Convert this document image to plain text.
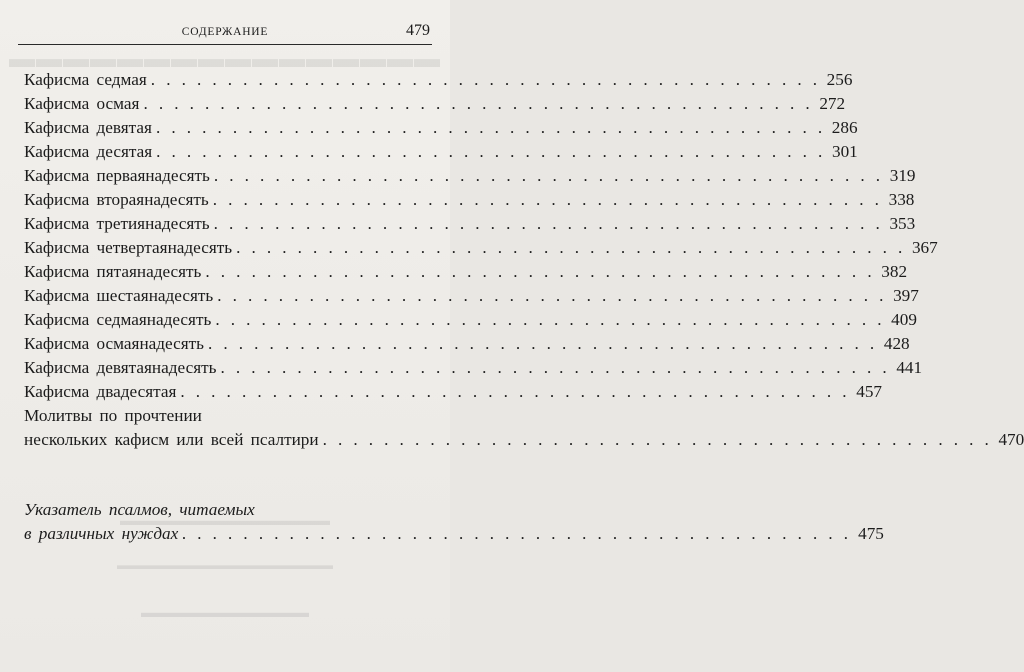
▬▬▬▬▬▬▬▬▬▬▬▬▬▬▬▬
▬▬▬▬▬▬▬▬▬▬▬▬▬▬▬
▬▬▬▬▬▬▬▬▬▬▬▬▬▬▬▬▬▬
▬▬▬▬▬▬▬▬▬▬▬▬
СОДЕРЖАНИЕ	479
Кафисма седмая . . . . . . . . . . . . . . . . . . . . . . . . . . . . . . . . . . . . . . . . . . . . 256
Кафисма осмая . . . . . . . . . . . . . . . . . . . . . . . . . . . . . . . . . . . . . . . . . . . . 272
Кафисма девятая . . . . . . . . . . . . . . . . . . . . . . . . . . . . . . . . . . . . . . . . . . . . 286
Кафисма десятая . . . . . . . . . . . . . . . . . . . . . . . . . . . . . . . . . . . . . . . . . . . . 301
Кафисма перваянадесять . . . . . . . . . . . . . . . . . . . . . . . . . . . . . . . . . . . . . . . . . . . . 319
Кафисма втораянадесять . . . . . . . . . . . . . . . . . . . . . . . . . . . . . . . . . . . . . . . . . . . . 338
Кафисма третиянадесять . . . . . . . . . . . . . . . . . . . . . . . . . . . . . . . . . . . . . . . . . . . . 353
Кафисма четвертаянадесять . . . . . . . . . . . . . . . . . . . . . . . . . . . . . . . . . . . . . . . . . . . . 367
Кафисма пятаянадесять . . . . . . . . . . . . . . . . . . . . . . . . . . . . . . . . . . . . . . . . . . . . 382
Кафисма шестаянадесять . . . . . . . . . . . . . . . . . . . . . . . . . . . . . . . . . . . . . . . . . . . . 397
Кафисма седмаянадесять . . . . . . . . . . . . . . . . . . . . . . . . . . . . . . . . . . . . . . . . . . . . 409
Кафисма осмаянадесять . . . . . . . . . . . . . . . . . . . . . . . . . . . . . . . . . . . . . . . . . . . . 428
Кафисма девятаянадесять . . . . . . . . . . . . . . . . . . . . . . . . . . . . . . . . . . . . . . . . . . . . 441
Кафисма двадесятая . . . . . . . . . . . . . . . . . . . . . . . . . . . . . . . . . . . . . . . . . . . . 457
Молитвы по прочтении
нескольких кафисм или всей псалтири . . . . . . . . . . . . . . . . . . . . . . . . . . . . . . . . . . . . . . . . . . . . 470
Указатель псалмов, читаемых
в различных нуждах . . . . . . . . . . . . . . . . . . . . . . . . . . . . . . . . . . . . . . . . . . . . 475
